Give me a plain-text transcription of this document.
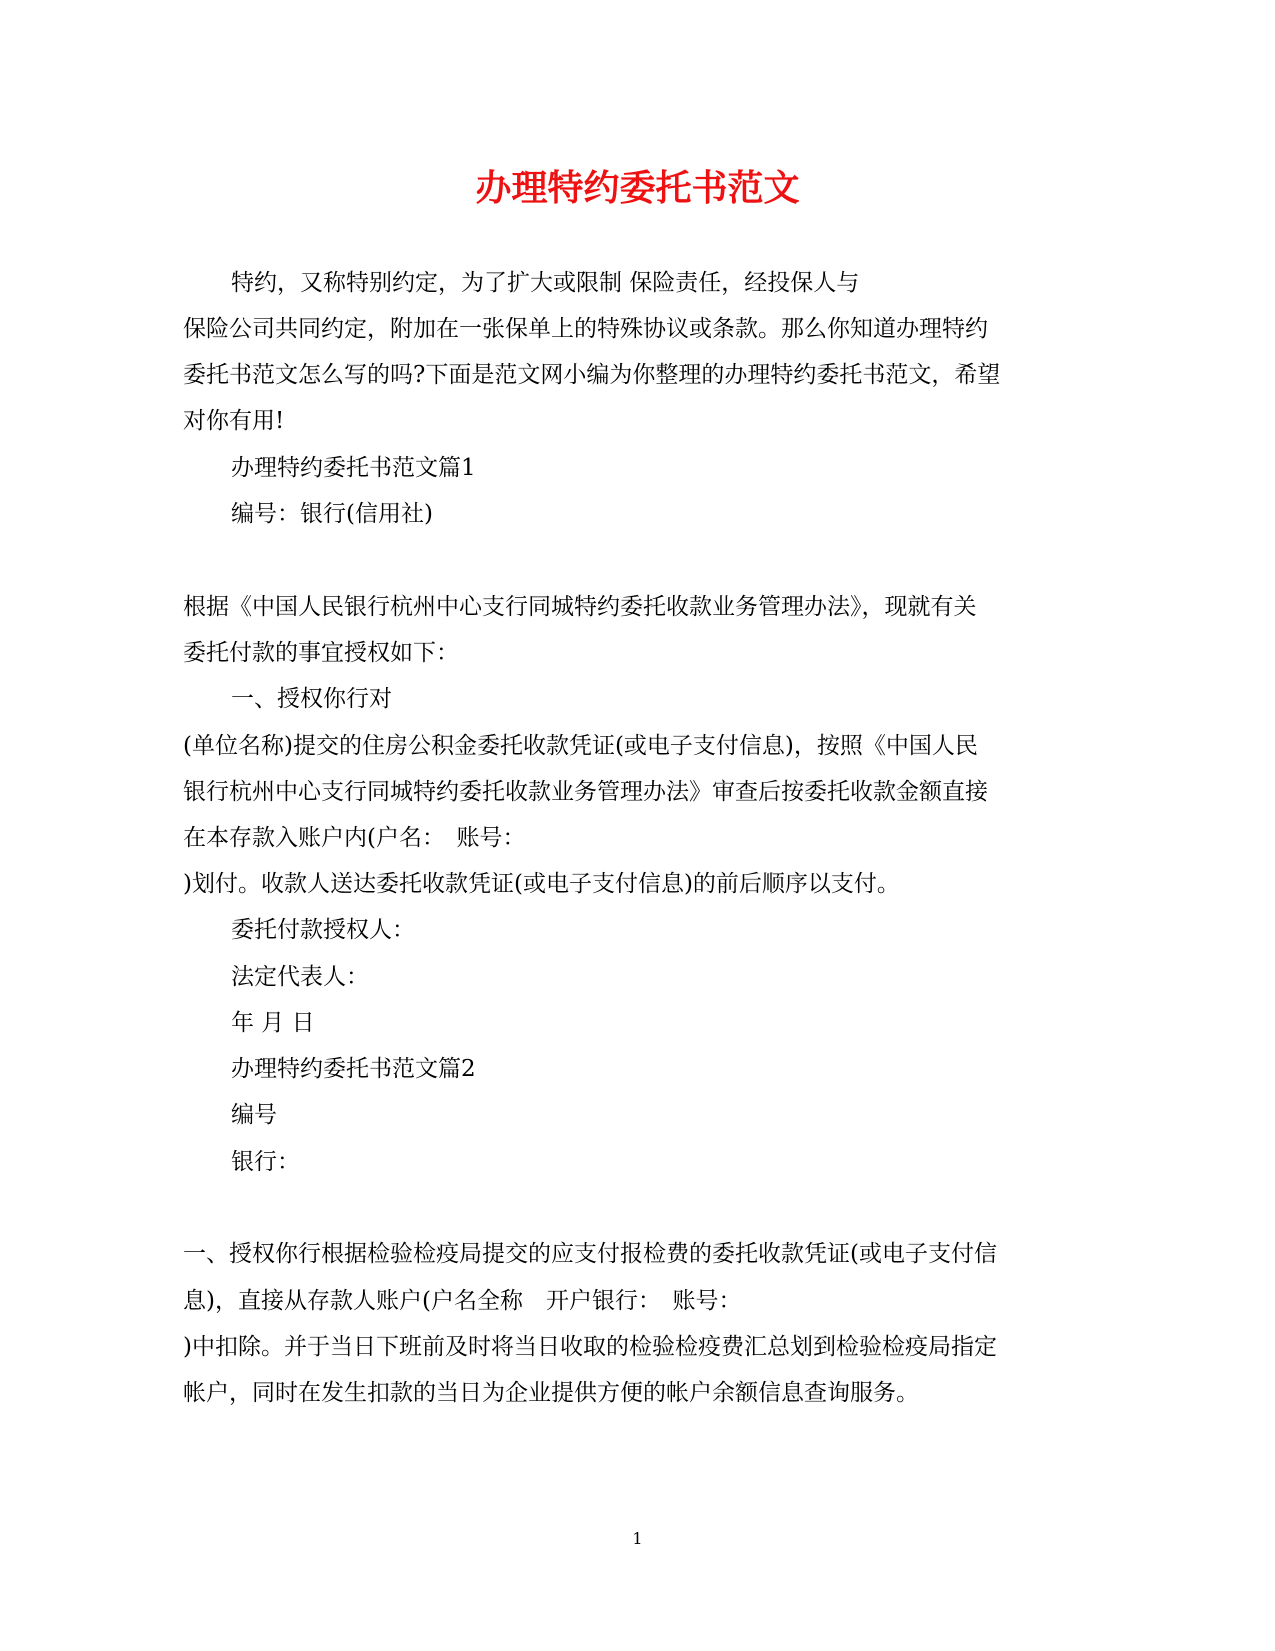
办理特约委托书范文
特约，又称特别约定，为了扩大或限制 保险责任，经投保人与
保险公司共同约定，附加在一张保单上的特殊协议或条款。那么你知道办理特约
委托书范文怎么写的吗?下面是范文网小编为你整理的办理特约委托书范文，希望
对你有用!
办理特约委托书范文篇1
编号：银行(信用社)
根据《中国人民银行杭州中心支行同城特约委托收款业务管理办法》，现就有关
委托付款的事宜授权如下：
一、授权你行对
(单位名称)提交的住房公积金委托收款凭证(或电子支付信息)，按照《中国人民
银行杭州中心支行同城特约委托收款业务管理办法》审查后按委托收款金额直接
在本存款入账户内(户名：　账号：
)划付。收款人送达委托收款凭证(或电子支付信息)的前后顺序以支付。
委托付款授权人：
法定代表人：
年 月 日
办理特约委托书范文篇2
编号
银行：
一、授权你行根据检验检疫局提交的应支付报检费的委托收款凭证(或电子支付信
息)，直接从存款人账户(户名全称　开户银行：　账号：
)中扣除。并于当日下班前及时将当日收取的检验检疫费汇总划到检验检疫局指定
帐户，同时在发生扣款的当日为企业提供方便的帐户余额信息查询服务。
1
